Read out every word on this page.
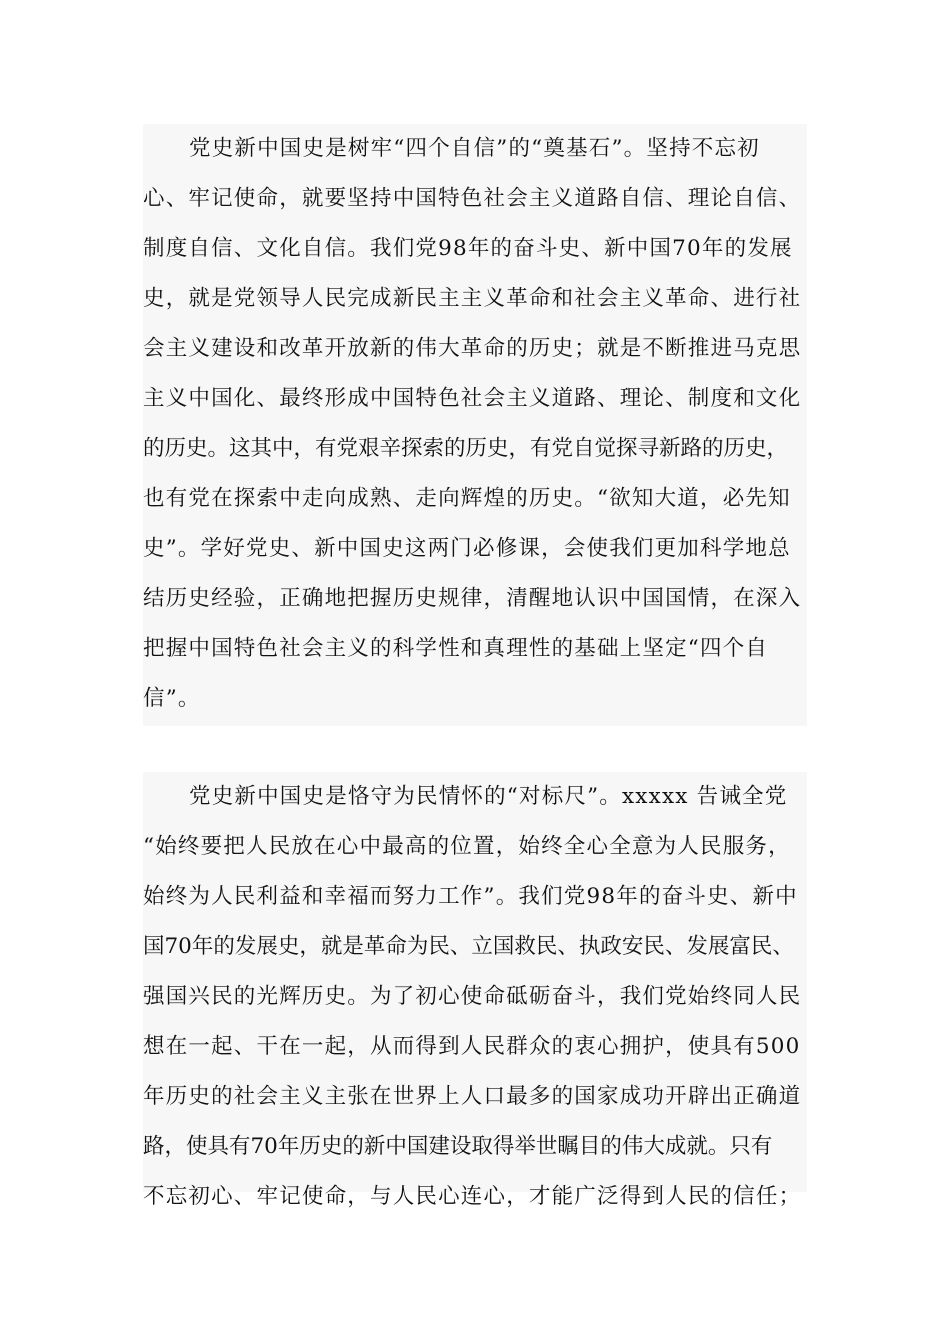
党史新中国史是树牢“四个自信”的“奠基石”。坚持不忘初
心、牢记使命，就要坚持中国特色社会主义道路自信、理论自信、
制度自信、文化自信。我们党98年的奋斗史、新中国70年的发展
史，就是党领导人民完成新民主主义革命和社会主义革命、进行社
会主义建设和改革开放新的伟大革命的历史；就是不断推进马克思
主义中国化、最终形成中国特色社会主义道路、理论、制度和文化
的历史。这其中，有党艰辛探索的历史，有党自觉探寻新路的历史，
也有党在探索中走向成熟、走向辉煌的历史。“欲知大道，必先知
史”。学好党史、新中国史这两门必修课，会使我们更加科学地总
结历史经验，正确地把握历史规律，清醒地认识中国国情，在深入
把握中国特色社会主义的科学性和真理性的基础上坚定“四个自
信”。
党史新中国史是恪守为民情怀的“对标尺”。xxxxx 告诫全党
“始终要把人民放在心中最高的位置，始终全心全意为人民服务，
始终为人民利益和幸福而努力工作”。我们党98年的奋斗史、新中
国70年的发展史，就是革命为民、立国救民、执政安民、发展富民、
强国兴民的光辉历史。为了初心使命砥砺奋斗，我们党始终同人民
想在一起、干在一起，从而得到人民群众的衷心拥护，使具有500
年历史的社会主义主张在世界上人口最多的国家成功开辟出正确道
路，使具有70年历史的新中国建设取得举世瞩目的伟大成就。只有
不忘初心、牢记使命，与人民心连心，才能广泛得到人民的信任；
